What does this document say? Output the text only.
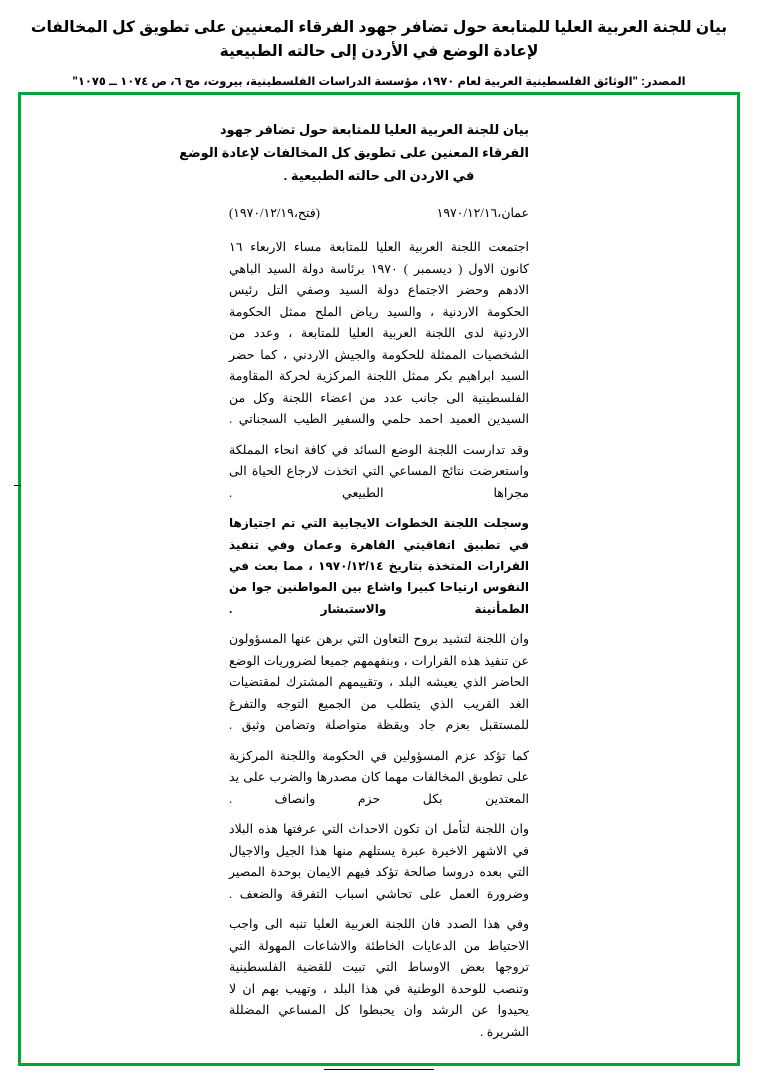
بيان للجنة العربية العليا للمتابعة حول تضافر جهود الفرقاء المعنيين على تطويق كل المخالفات
لإعادة الوضع في الأردن إلى حالته الطبيعية
المصدر: "الوثائق الفلسطينية العربية لعام ١٩٧٠، مؤسسة الدراسات الفلسطينية، بيروت، مج ٦، ص ١٠٧٤ ــ ١٠٧٥"
بيان للجنة العربية العليا للمتابعة حول تضافر جهود
الفرقاء المعنين على تطويق كل المخالفات لإعادة الوضع
في الاردن الى حالته الطبيعية .
عمان،١٩٧٠/١٢/١٦
(فتح،١٩٧٠/١٢/١٩)

اجتمعت اللجنة العربية العليا للمتابعة مساء الاربعاء ١٦ كانون الاول ( ديسمبر ) ١٩٧٠ برئاسة دولة السيد الباهي الادهم وحضر الاجتماع دولة السيد وصفي التل رئيس الحكومة الاردنية ، والسيد رياض الملح ممثل الحكومة الاردنية لدى اللجنة العربية العليا للمتابعة ، وعدد من الشخصيات الممثلة للحكومة والجيش الاردني ، كما حضر السيد ابراهيم بكر ممثل اللجنة المركزية لحركة المقاومة الفلسطينية الى جانب عدد من اعضاء اللجنة وكل من السيدين العميد احمد حلمي والسفير الطيب السجناتي .

وقد تدارست اللجنة الوضع السائد في كافة انحاء المملكة واستعرضت نتائج المساعي التي اتخذت لارجاع الحياة الى مجراها الطبيعي .

وسجلت اللجنة الخطوات الايجابية التي تم اجتيازها في تطبيق اتفاقيتي القاهرة وعمان وفي تنفيذ القرارات المتخذة بتاريخ ١٩٧٠/١٢/١٤ ، مما بعث في النفوس ارتياحا كبيرا واشاع بين المواطنين جوا من الطمأنينة والاستبشار .

وان اللجنة لتشيد بروح التعاون التي برهن عنها المسؤولون عن تنفيذ هذه القرارات ، وبنفهمهم جميعا لضروريات الوضع الحاضر الذي يعيشه البلد ، وتقييمهم المشترك لمقتضيات الغد القريب الذي يتطلب من الجميع التوجه والتفرغ للمستقبل بعزم جاد ويقظة متواصلة وتضامن وثيق .

كما تؤكد عزم المسؤولين في الحكومة واللجنة المركزية على تطويق المخالفات مهما كان مصدرها والضرب على يد المعتدين بكل حزم وانصاف .

وان اللجنة لتأمل ان تكون الاحداث التي عرفتها هذه البلاد في الاشهر الاخيرة عبرة يستلهم منها هذا الجيل والاجيال التي بعده دروسا صالحة تؤكد فيهم الايمان بوحدة المصير وضرورة العمل على تحاشي اسباب التفرقة والضعف .

وفي هذا الصدد فان اللجنة العربية العليا تنبه الى واجب الاحتياط من الدعايات الخاطئة والاشاعات المهولة التي تروجها بعض الاوساط التي تبيت للقضية الفلسطينية وتنصب للوحدة الوطنية في هذا البلد ، وتهيب بهم ان لا يحيدوا عن الرشد وان يحبطوا كل المساعي المضللة الشريرة .
